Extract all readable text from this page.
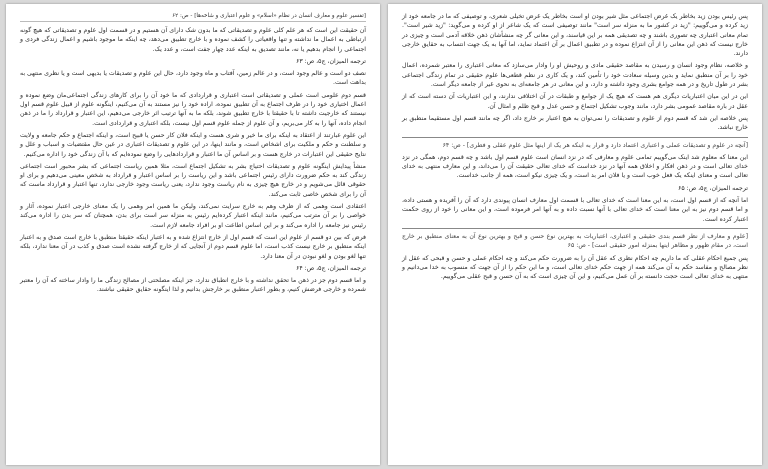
[تفسیر علوم و معارف انسان در نظام «اسلام» و علوم اعتباری و شاخه‌ها] - ص: ۶۲

آن حقیقت این است که هر علم کلی علوم و تصدیقاتی که ما بدون شک دارای آن هستیم و در قسمت اول علوم و تصدیقاتی که هیچ گونه ارتباطی به اعمال ما نداشته و تنها واقعیاتی را کشف نموده و با خارج تطبیق می‌دهد، چه اینکه ما موجود باشیم و اعمال زندگی فردی و اجتماعی را انجام بدهیم یا نه، مانند تصدیق به اینکه عدد چهار جفت است، و عدد یک.

ترجمه المیزان، ج‌۵، ص: ۶۳

نصف دو است و عالم وجود است، و در عالم زمین، آفتاب و ماه وجود دارد، حال این علوم و تصدیقات یا بدیهی است و یا نظری منتهی به بداهت است.

قسم دوم علومی است عملی و تصدیقاتی است اعتباری و قراردادی که ما خود آن را برای کارهای زندگی اجتماعی‌مان وضع نموده و اعمال اختیاری خود را در ظرف اجتماع به آن تطبیق نموده، اراده خود را نیز مستند به آن می‌کنیم، اینگونه علوم از قبیل علوم قسم اول نیستند که خارجیت داشته تا با حقیقتا با خارج تطبیق شوند، بلکه ما به آنها ترتیب اثر خارجی می‌دهیم، این اعتبار و قرارداد را ما در ذهن انجام داده، آنها را به کار می‌بریم، و آن علوم از جمله علوم قسم اول نیست، بلکه اعتباری و قراردادی است.

این علوم عبارتند از اعتقاد به اینکه برای ما خیر و شری هست و اینکه فلان کار حسن یا قبیح است، و اینکه اجتماع و حکم جامعه و ولایت و سلطنت و حکم و ملکیت برای اشخاص است، و مانند اینها، در این علوم و تصدیقات اعتباری در عین حال مقتضیات و اسباب و علل و نتایج حقیقی این اعتبارات در خارج هست و بر اساس آن ما اعتبار و قراردادهایی را وضع نموده‌ایم که با آن زندگی خود را اداره می‌کنیم.

منشأ پیدایش اینگونه علوم و تصدیقات احتیاج بشر به تشکیل اجتماع است، مثلا همین ریاست اجتماعی که بشر محبور است اجتماعی زندگی کند به حکم ضرورت دارای رئیس اجتماعی باشد و این ریاست را بر اساس اعتبار و قرارداد به شخص معینی می‌دهیم و برای او حقوقی قائل می‌شویم و در خارج هیچ چیزی به نام ریاست وجود ندارد، یعنی ریاست وجود خارجی ندارد، تنها اعتبار و قرارداد ماست که آن را برای شخص خاصی ثابت می‌کند.

اعتقادی است وهمی که از ظرف وهم به خارج سرایت نمی‌کند، ولیکن ما همین امر وهمی را یک معنای خارجی اعتبار نموده، آثار و خواصی را بر آن مترتب می‌کنیم، مانند اینکه اعتبار کرده‌ایم رئیس به منزله سر است برای بدن، همچنان که سر بدن را اداره می‌کند رئیس نیز جامعه را اداره می‌کند و بر این اساس اطاعت او بر افراد جامعه لازم است.

فرض که بین دو قسم از علوم این است که قسم اول از خارج انتزاع شده و به اعتبار اینکه حقیقتا منطبق با خارج است صدق و به اعتبار اینکه منطبق بر خارج نیست کذب است، اما علوم قسم دوم از آنجایی که از خارج گرفته نشده است صدق و کذب در آن معنا ندارد، بلکه تنها لغو بودن و لغو نبودن در آن معنا دارد.

ترجمه المیزان، ج‌۵، ص: ۶۴

و اما قسم دوم جز در ذهن ما تحقق نداشته و با خارج انطباق ندارد، جز اینکه مصلحتی از مصالح زندگی ما را وادار ساخته که آن را معتبر شمرده و خارجی فرضش کنیم، و بطور اعتبار منطبق بر خارجش بدانیم و لذا اینگونه حقایق حقیقی نباشند.

پس رئیس بودن زید بخاطر یک غرض اجتماعی مثل شیر بودن او است بخاطر یک غرض تخیلی شعری، و توصیفی که ما در جامعه خود از زید کرده و می‌گوییم: "زید در کشور ما به منزله سر است" مانند توصیفی است که یک شاعر از او کرده و می‌گوید: "زید شیر است". تمام معانی اعتباری چه تصوری باشند و چه تصدیقی همه بر این قیاسند، و این معانی گر چه منشأشان ذهن خلاقه آدمی است و چیزی در خارج نیست که ذهن این معانی را از آن انتزاع نموده و در تطبیق اعمال بر آن اعتماد نماید، اما آنها به یک جهت انتساب به حقایق خارجی دارند.

و خلاصه، نظام وجود انسان و رسیدن به مقاصد حقیقی مادی و روحیش او را وادار می‌سازد که معانی اعتباری را معتبر شمرده، اعمال خود را بر آن منطبق نماید و بدین وسیله سعادت خود را تأمین کند، و یک کاری در نظم قطعی‌ها علوم حقیقی در تمام زندگی اجتماعی بشر در طول تاریخ و در همه جوامع بشری وجود داشته و دارد، و این معانی در هر جامعه‌ای به نحوی غیر از جامعه دیگر است.

این در این میان اعتباریات دیگری هم هست که هیچ یک از جوامع و طبقات در آن اختلافی ندارند، و این اعتباریات آن دسته است که از عقل در باره مقاصد عمومی بشر دارد، مانند وجوب تشکیل اجتماع و حسن عدل و قبح ظلم و امثال آن.

پس خلاصه این شد که قسم دوم از علوم و تصدیقات را نمی‌توان به هیچ اعتبار بر خارج داد، اگر چه مانند قسم اول مستقیما منطبق بر خارج نباشد.

[آنچه در علوم و تصدیقات عملی و اعتباری اعتماد دارد و قرار به اینکه هر یک از اینها مثل علوم عقلی و فطری] - ص: ۶۴

این معنا که معلوم شد اینک می‌گوییم تمامی علوم و معارفی که در نزد انسان است علوم قسم اول باشد و چه قسم دوم، همگی در نزد خدای تعالی است و در ذهن افکار و اخلاق همه آنها در نزد خداست که خدای تعالی حقیقت آن را می‌داند، و این معارف منتهی به خدای تعالی است و معنای اینکه یک فعل خوب است و یا فلان امر بد است، و یک چیزی نیکو است، همه از جانب خداست.

ترجمه المیزان، ج‌۵، ص: ۶۵

اما آنچه که از قسم اول است، به این معنا است که خدای تعالی با قسمت اول معارف انسان پیوندی دارد که آن را آفریده و هستی داده، و اما قسم دوم نیز به این معنا است که خدای تعالی با آنها نسبت داده و به آنها امر فرموده است، و این معانی را خود از روی حکمت اعتبار کرده است.

[علوم و معارف از نظر قسم بندی حقیقی و اعتباری، اعتباریات به بهترین نوع حسن و قبح و بهترین نوع آن به معنای منطبق بر خارج است، در مقام ظهور و مظاهر اینها بمنزله امور حقیقی است] - ص: ۶۵

پس جمیع احکام عقلی که ما داریم چه احکام نظری که عقل آن را به ضرورت حکم می‌کند و چه احکام عملی و حسن و قبحی که عقل از نظر مصالح و مفاسد حکم به آن می‌کند همه از جهت حکم خدای تعالی است، و ما این حکم را از آن جهت که منسوب به خدا می‌دانیم و منتهی به خدای تعالی است حجت دانسته بر آن عمل می‌کنیم، و این آن چیزی است که به آن حسن و قبح عقلی می‌گوییم.
